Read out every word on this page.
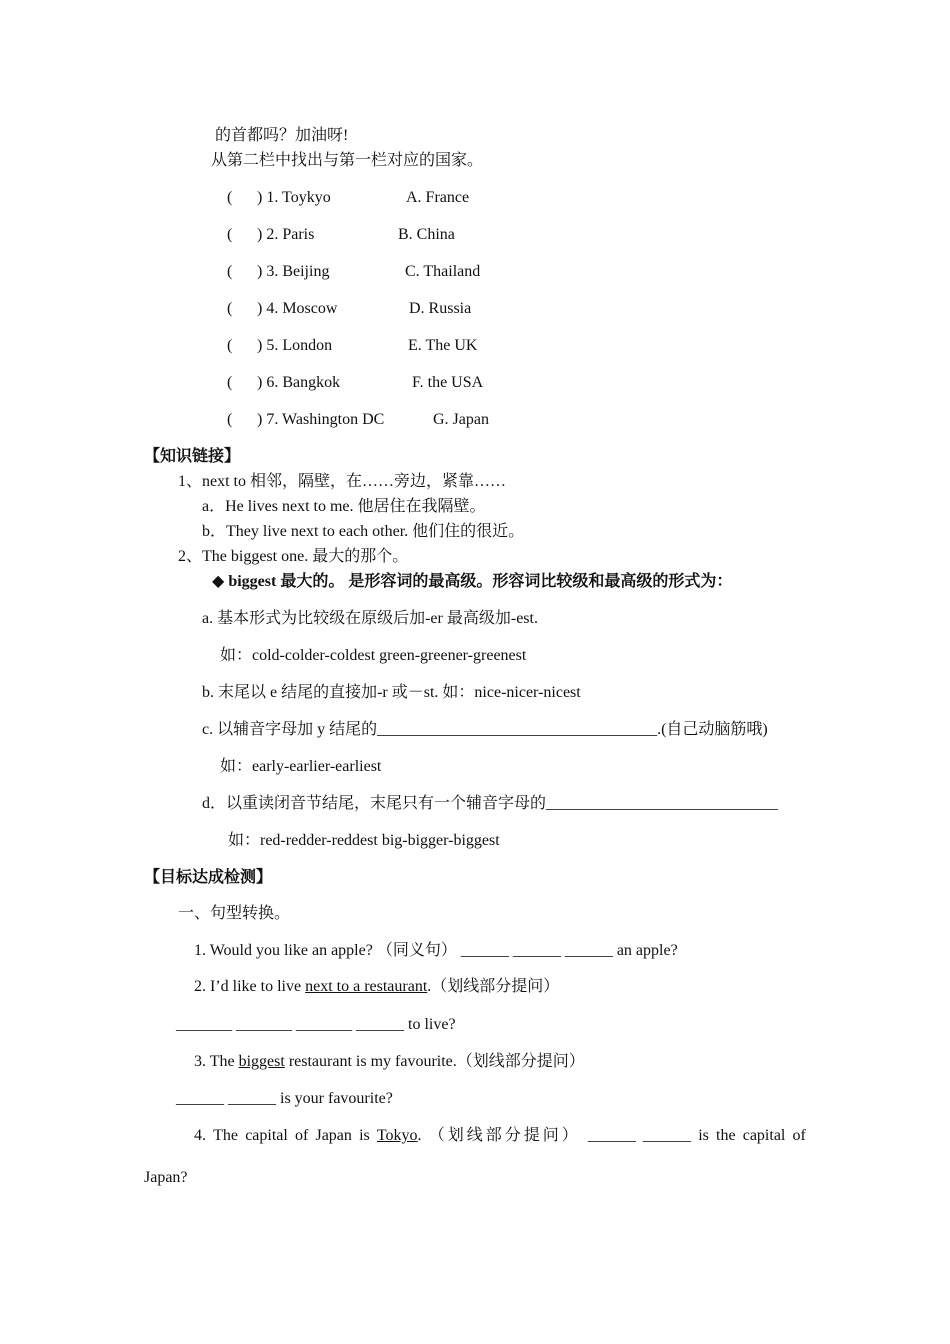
的首都吗？加油呀!
从第二栏中找出与第一栏对应的国家。
( ) 1. Toykyo	A. France
( ) 2. Paris	B. China
( ) 3. Beijing	C. Thailand
( ) 4. Moscow	D. Russia
( ) 5. London	E. The UK
( ) 6. Bangkok	F. the USA
( ) 7. Washington DC	G. Japan
【知识链接】
1、next to 相邻，隔壁，在……旁边，紧靠……
a．He lives next to me. 他居住在我隔壁。
b．They live next to each other. 他们住的很近。
2、The biggest one. 最大的那个。
◆ biggest 最大的。 是形容词的最高级。形容词比较级和最高级的形式为：
a. 基本形式为比较级在原级后加-er 最高级加-est.
如：cold-colder-coldest green-greener-greenest
b. 末尾以 e 结尾的直接加-r 或－st. 如：nice-nicer-nicest
c. 以辅音字母加 y 结尾的___________________________________.(自己动脑筋哦)
如：early-earlier-earliest
d．以重读闭音节结尾，末尾只有一个辅音字母的_____________________________
如：red-redder-reddest big-bigger-biggest
【目标达成检测】
一、句型转换。
1. Would you like an apple? （同义句） ______ ______ ______ an apple?
2. I’d like to live next to a restaurant.（划线部分提问）
_______ _______ _______ ______ to live?
3. The biggest restaurant is my favourite.（划线部分提问）
______ ______ is your favourite?
4. The capital of Japan is Tokyo. （划线部分提问） ______ ______ is the capital of
Japan?
